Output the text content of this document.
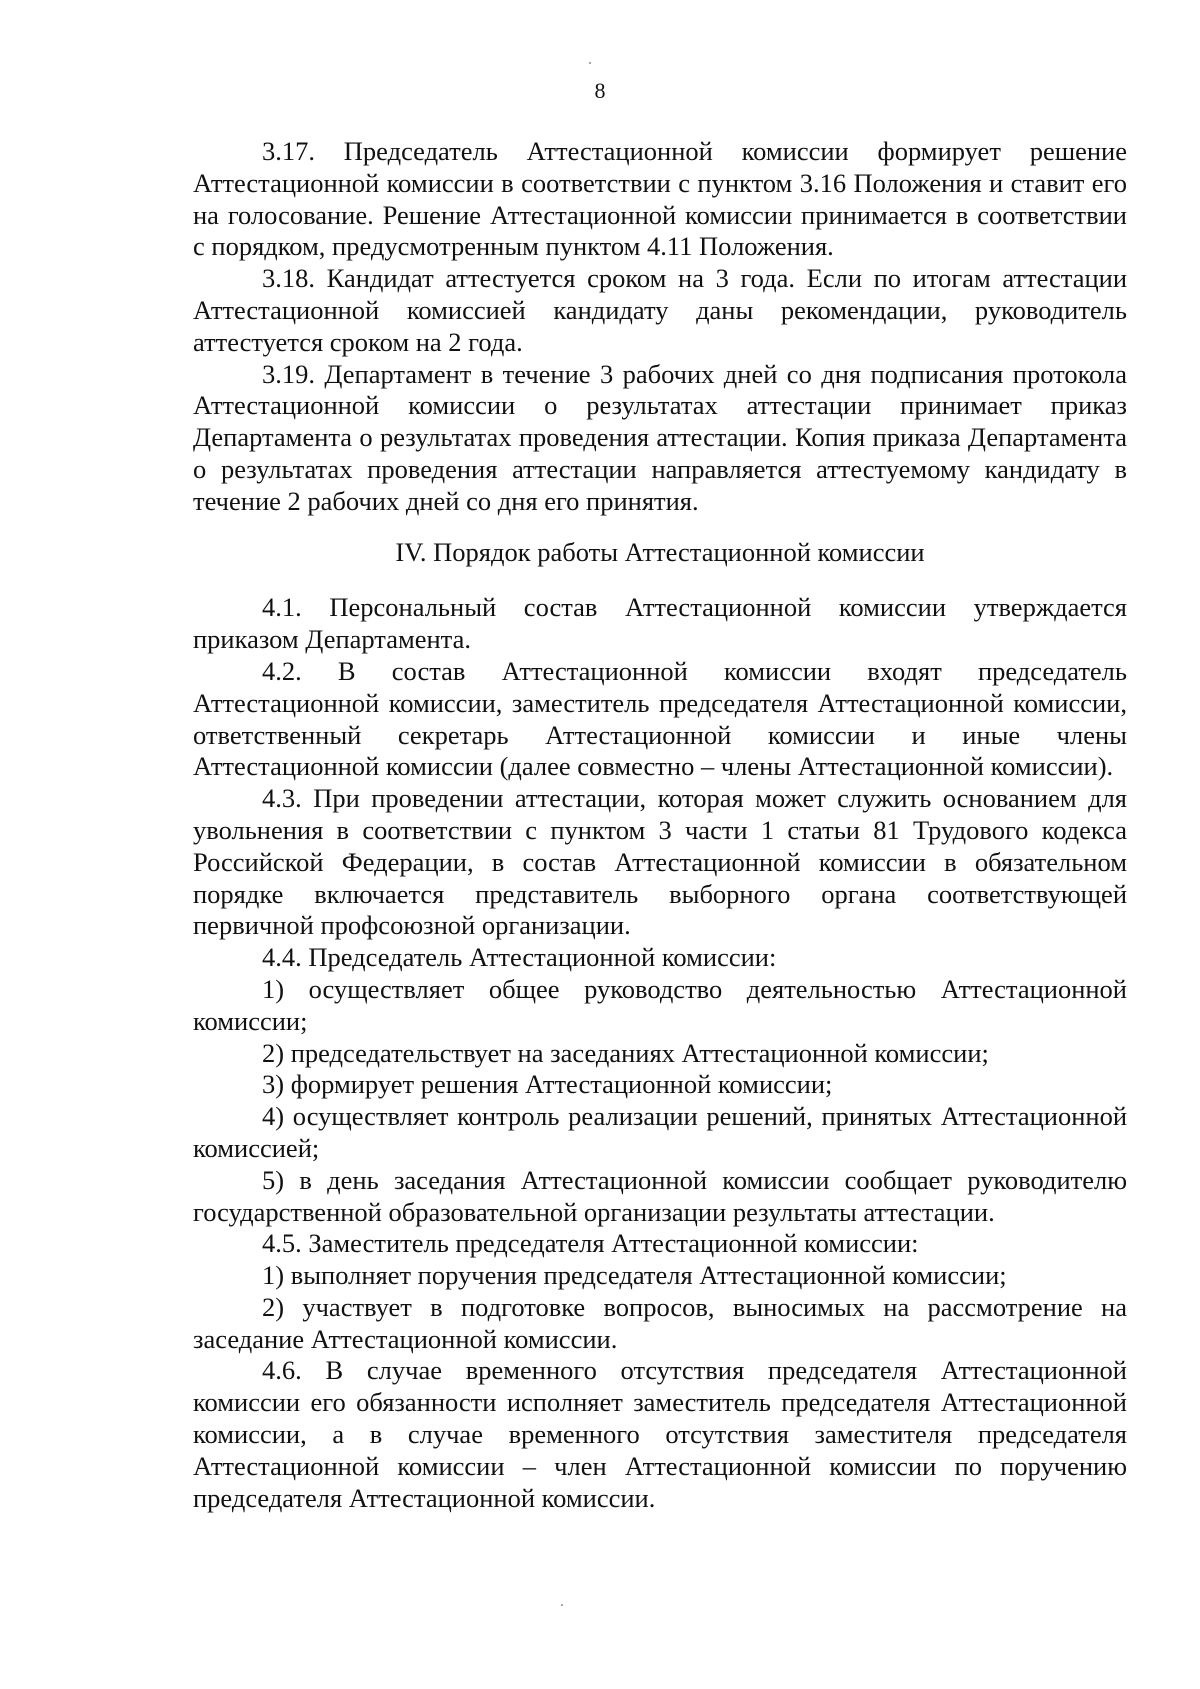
8

3.17. Председатель Аттестационной комиссии формирует решение Аттестационной комиссии в соответствии с пунктом 3.16 Положения и ставит его на голосование. Решение Аттестационной комиссии принимается в соответствии с порядком, предусмотренным пунктом 4.11 Положения.

3.18. Кандидат аттестуется сроком на 3 года. Если по итогам аттестации Аттестационной комиссией кандидату даны рекомендации, руководитель аттестуется сроком на 2 года.

3.19. Департамент в течение 3 рабочих дней со дня подписания протокола Аттестационной комиссии о результатах аттестации принимает приказ Департамента о результатах проведения аттестации. Копия приказа Департамента о результатах проведения аттестации направляется аттестуемому кандидату в течение 2 рабочих дней со дня его принятия.

IV. Порядок работы Аттестационной комиссии

4.1. Персональный состав Аттестационной комиссии утверждается приказом Департамента.

4.2. В состав Аттестационной комиссии входят председатель Аттестационной комиссии, заместитель председателя Аттестационной комиссии, ответственный секретарь Аттестационной комиссии и иные члены Аттестационной комиссии (далее совместно – члены Аттестационной комиссии).

4.3. При проведении аттестации, которая может служить основанием для увольнения в соответствии с пунктом 3 части 1 статьи 81 Трудового кодекса Российской Федерации, в состав Аттестационной комиссии в обязательном порядке включается представитель выборного органа соответствующей первичной профсоюзной организации.

4.4. Председатель Аттестационной комиссии:

1) осуществляет общее руководство деятельностью Аттестационной комиссии;

2) председательствует на заседаниях Аттестационной комиссии;

3) формирует решения Аттестационной комиссии;

4) осуществляет контроль реализации решений, принятых Аттестационной комиссией;

5) в день заседания Аттестационной комиссии сообщает руководителю государственной образовательной организации результаты аттестации.

4.5. Заместитель председателя Аттестационной комиссии:

1) выполняет поручения председателя Аттестационной комиссии;

2) участвует в подготовке вопросов, выносимых на рассмотрение на заседание Аттестационной комиссии.

4.6. В случае временного отсутствия председателя Аттестационной комиссии его обязанности исполняет заместитель председателя Аттестационной комиссии, а в случае временного отсутствия заместителя председателя Аттестационной комиссии – член Аттестационной комиссии по поручению председателя Аттестационной комиссии.
